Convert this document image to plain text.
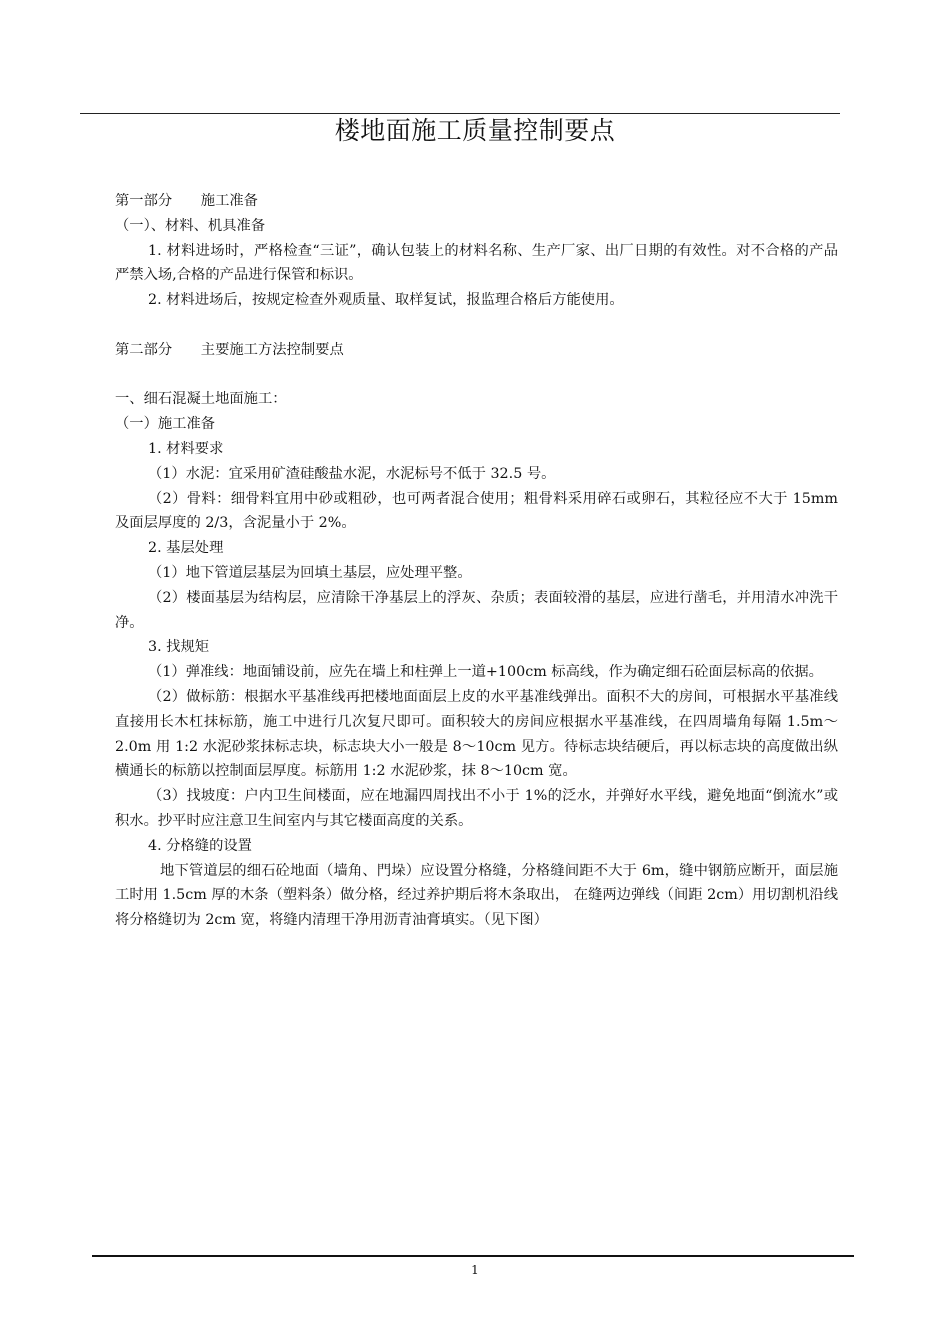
楼地面施工质量控制要点

第一部分　　施工准备

（一）、材料、机具准备

1. 材料进场时，严格检查“三证”，确认包装上的材料名称、生产厂家、出厂日期的有效性。对不合格的产品严禁入场,合格的产品进行保管和标识。

2. 材料进场后，按规定检查外观质量、取样复试，报监理合格后方能使用。

第二部分　　主要施工方法控制要点

一、细石混凝土地面施工：

（一）施工准备

1. 材料要求

（1）水泥：宜采用矿渣硅酸盐水泥，水泥标号不低于 32.5 号。

（2）骨料：细骨料宜用中砂或粗砂，也可两者混合使用；粗骨料采用碎石或卵石，其粒径应不大于 15mm 及面层厚度的 2/3，含泥量小于 2%。

2. 基层处理

（1）地下管道层基层为回填土基层，应处理平整。

（2）楼面基层为结构层，应清除干净基层上的浮灰、杂质；表面较滑的基层，应进行凿毛，并用清水冲洗干净。

3. 找规矩

（1）弹准线：地面铺设前，应先在墙上和柱弹上一道+100cm 标高线，作为确定细石砼面层标高的依据。

（2）做标筋：根据水平基准线再把楼地面面层上皮的水平基准线弹出。面积不大的房间，可根据水平基准线直接用长木杠抹标筋，施工中进行几次复尺即可。面积较大的房间应根据水平基准线，在四周墙角每隔 1.5m～2.0m 用 1:2 水泥砂浆抹标志块，标志块大小一般是 8～10cm 见方。待标志块结硬后，再以标志块的高度做出纵横通长的标筋以控制面层厚度。标筋用 1:2 水泥砂浆，抹 8～10cm 宽。

（3）找坡度：户内卫生间楼面，应在地漏四周找出不小于 1%的泛水，并弹好水平线，避免地面“倒流水”或积水。抄平时应注意卫生间室内与其它楼面高度的关系。

4. 分格缝的设置

地下管道层的细石砼地面（墙角、門垛）应设置分格缝，分格缝间距不大于 6m，缝中钢筋应断开，面层施工时用 1.5cm 厚的木条（塑料条）做分格，经过养护期后将木条取出， 在缝两边弹线（间距 2cm）用切割机沿线将分格缝切为 2cm 宽，将缝内清理干净用沥青油膏填实。（见下图）

1
